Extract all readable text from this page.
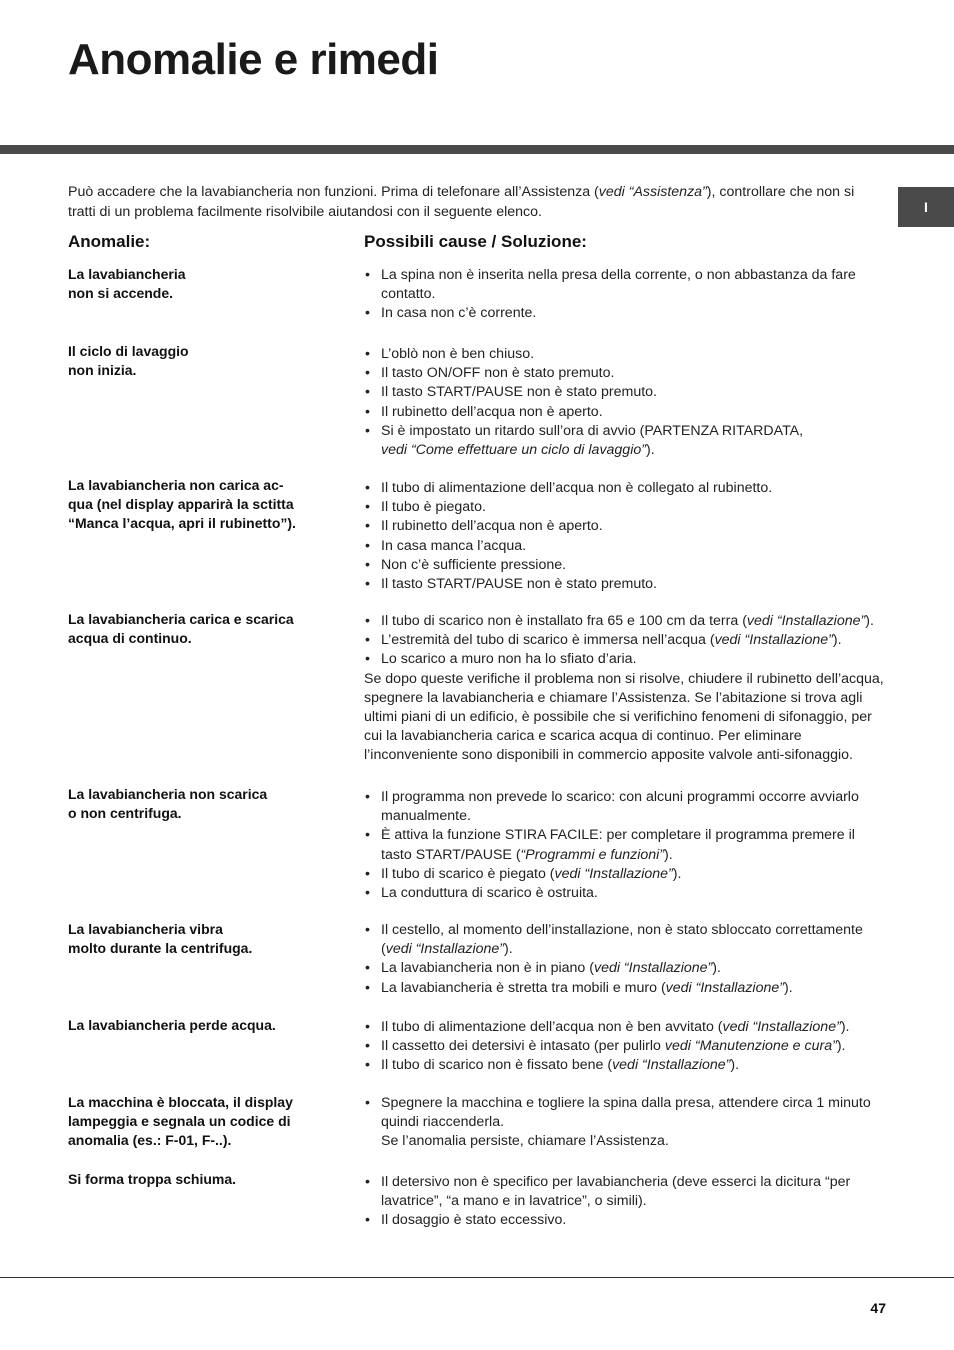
Anomalie e rimedi
I

Può accadere che la lavabiancheria non funzioni. Prima di telefonare all’Assistenza (vedi “Assistenza”), controllare che non si tratti di un problema facilmente risolvibile aiutandosi con il seguente elenco.

Anomalie:	Possibili cause / Soluzione:

La lavabiancheria
non si accende.

• La spina non è inserita nella presa della corrente, o non abbastanza da fare contatto.
• In casa non c’è corrente.

Il ciclo di lavaggio
non inizia.

• L’oblò non è ben chiuso.
• Il tasto ON/OFF non è stato premuto.
• Il tasto START/PAUSE non è stato premuto.
• Il rubinetto dell’acqua non è aperto.
• Si è impostato un ritardo sull’ora di avvio (PARTENZA RITARDATA,
vedi “Come effettuare un ciclo di lavaggio”).

La lavabiancheria non carica ac-
qua (nel display apparirà la sctitta
“Manca l’acqua, apri il rubinetto”).

• Il tubo di alimentazione dell’acqua non è collegato al rubinetto.
• Il tubo è piegato.
• Il rubinetto dell’acqua non è aperto.
• In casa manca l’acqua.
• Non c’è sufficiente pressione.
• Il tasto START/PAUSE non è stato premuto.

La lavabiancheria carica e scarica
acqua di continuo.

• Il tubo di scarico non è installato fra 65 e 100 cm da terra (vedi “Installazione”).
• L’estremità del tubo di scarico è immersa nell’acqua (vedi “Installazione”).
• Lo scarico a muro non ha lo sfiato d’aria.

Se dopo queste verifiche il problema non si risolve, chiudere il rubinetto dell’acqua, spegnere la lavabiancheria e chiamare l’Assistenza. Se l’abitazione si trova agli ultimi piani di un edificio, è possibile che si verifichino fenomeni di sifonaggio, per cui la lavabiancheria carica e scarica acqua di continuo. Per eliminare l’inconveniente sono disponibili in commercio apposite valvole anti-sifonaggio.

La lavabiancheria non scarica
o non centrifuga.

• Il programma non prevede lo scarico: con alcuni programmi occorre avviarlo manualmente.
• È attiva la funzione STIRA FACILE: per completare il programma premere il tasto START/PAUSE (“Programmi e funzioni”).
• Il tubo di scarico è piegato (vedi “Installazione”).
• La conduttura di scarico è ostruita.

La lavabiancheria vibra
molto durante la centrifuga.

• Il cestello, al momento dell’installazione, non è stato sbloccato correttamente (vedi “Installazione”).
• La lavabiancheria non è in piano (vedi “Installazione”).
• La lavabiancheria è stretta tra mobili e muro (vedi “Installazione”).

La lavabiancheria perde acqua.	• Il tubo di alimentazione dell’acqua non è ben avvitato (vedi “Installazione”).
• Il cassetto dei detersivi è intasato (per pulirlo vedi “Manutenzione e cura”).
• Il tubo di scarico non è fissato bene (vedi “Installazione”).

La macchina è bloccata, il display
lampeggia e segnala un codice di
anomalia (es.: F-01, F-..).

• Spegnere la macchina e togliere la spina dalla presa, attendere circa 1 minuto quindi riaccenderla.
Se l’anomalia persiste, chiamare l’Assistenza.

Si forma troppa schiuma.	• Il detersivo non è specifico per lavabiancheria (deve esserci la dicitura “per lavatrice”, “a mano e in lavatrice”, o simili).
• Il dosaggio è stato eccessivo.
47
